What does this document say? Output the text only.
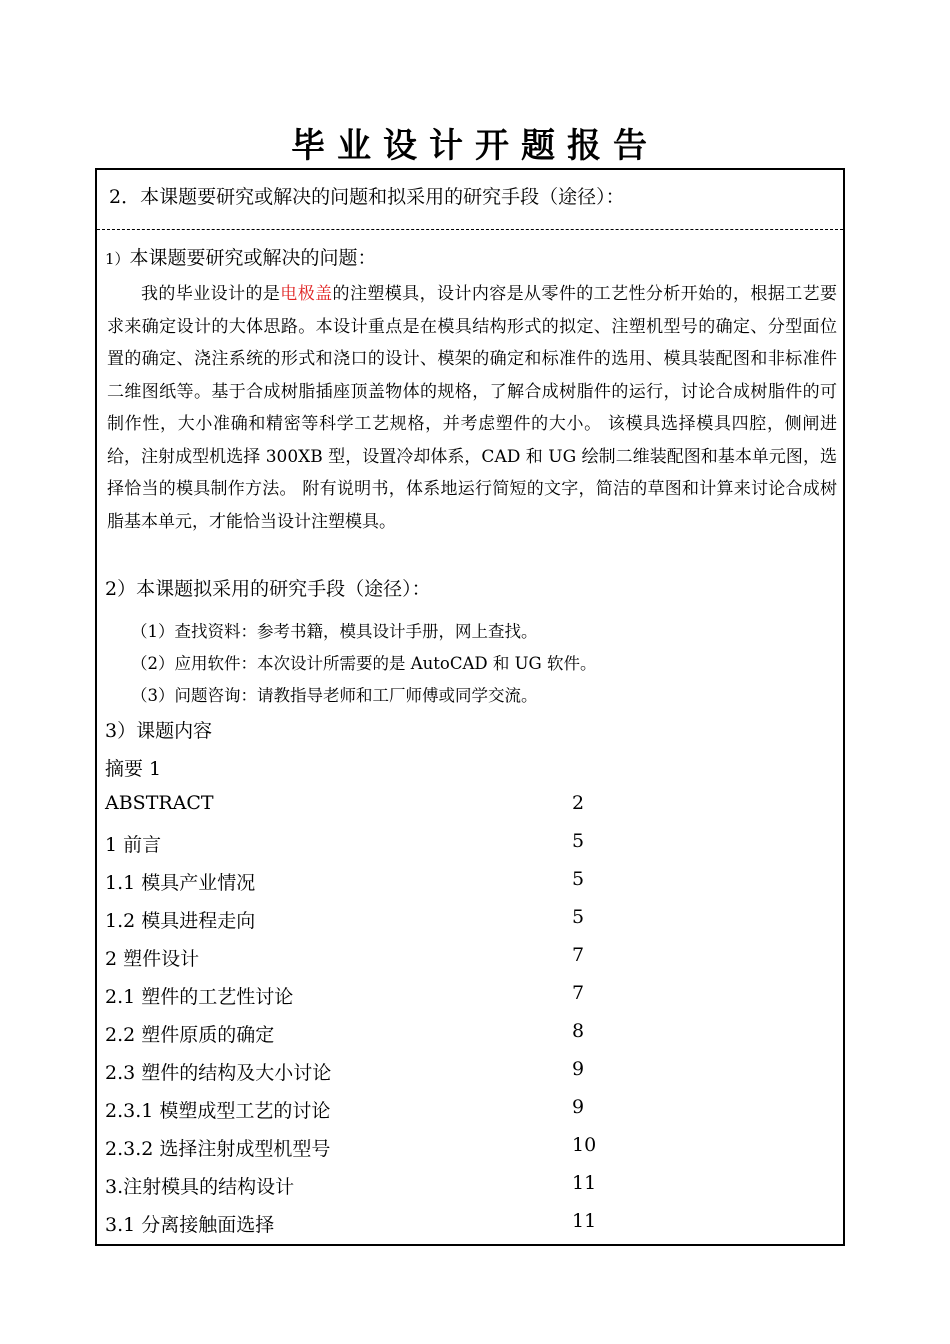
毕业设计开题报告
2．本课题要研究或解决的问题和拟采用的研究手段（途径）：
1）本课题要研究或解决的问题：
我的毕业设计的是电极盖的注塑模具，设计内容是从零件的工艺性分析开始的，根据工艺要求来确定设计的大体思路。本设计重点是在模具结构形式的拟定、注塑机型号的确定、分型面位置的确定、浇注系统的形式和浇口的设计、模架的确定和标准件的选用、模具装配图和非标准件二维图纸等。基于合成树脂插座顶盖物体的规格，了解合成树脂件的运行，讨论合成树脂件的可制作性，大小准确和精密等科学工艺规格，并考虑塑件的大小。 该模具选择模具四腔，侧闸进给，注射成型机选择 300XB 型，设置冷却体系，CAD 和 UG 绘制二维装配图和基本单元图，选择恰当的模具制作方法。 附有说明书，体系地运行简短的文字，简洁的草图和计算来讨论合成树脂基本单元，才能恰当设计注塑模具。
2）本课题拟采用的研究手段（途径）：
（1）查找资料：参考书籍，模具设计手册，网上查找。
（2）应用软件：本次设计所需要的是 AutoCAD 和 UG 软件。
（3）问题咨询：请教指导老师和工厂师傅或同学交流。
3）课题内容
摘要 1
ABSTRACT	2
1 前言	5
1.1 模具产业情况	5
1.2 模具进程走向	5
2 塑件设计	7
2.1 塑件的工艺性讨论	7
2.2 塑件原质的确定	8
2.3 塑件的结构及大小讨论	9
2.3.1 模塑成型工艺的讨论	9
2.3.2 选择注射成型机型号	10
3.注射模具的结构设计	11
3.1 分离接触面选择	11
